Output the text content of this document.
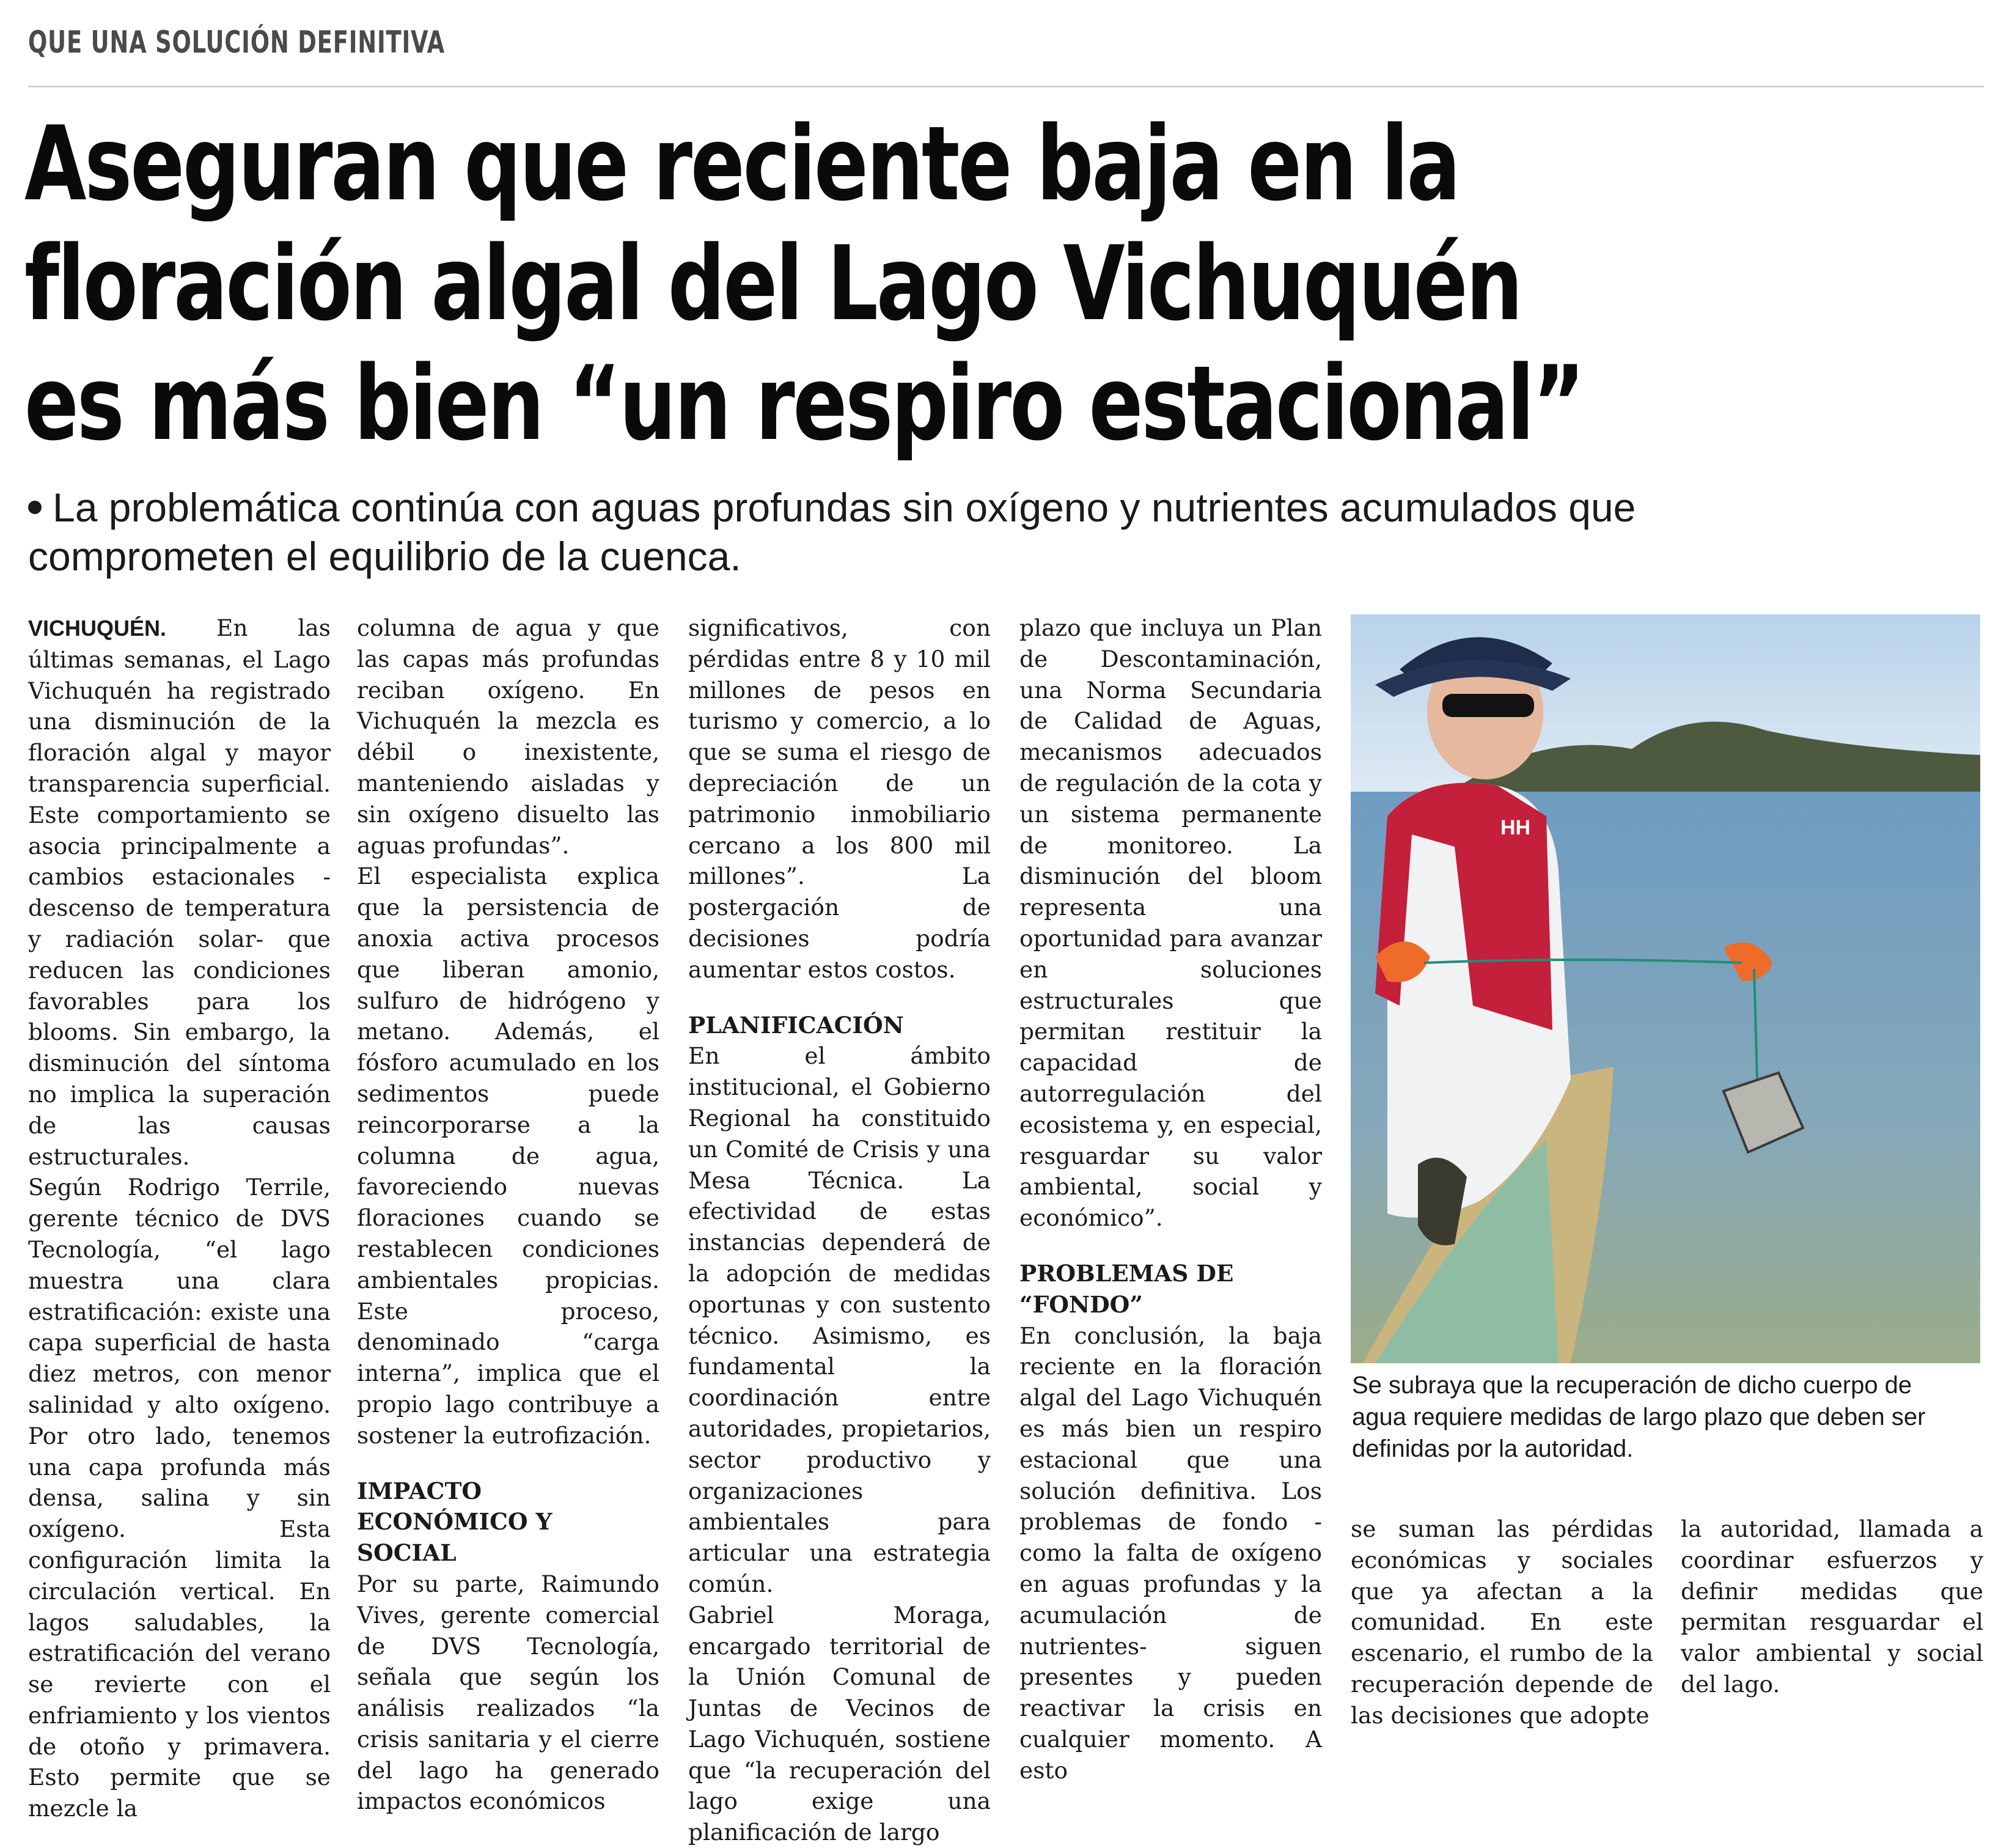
QUE UNA SOLUCIÓN DEFINITIVA
Aseguran que reciente baja en la
floración algal del Lago Vichuquén
es más bien “un respiro estacional”
La problemática continúa con aguas profundas sin oxígeno y nutrientes acumulados que comprometen el equilibrio de la cuenca.

VICHUQUÉN. En las últimas semanas, el Lago Vichuquén ha registrado una disminución de la floración algal y mayor transparencia superficial. Este comportamiento se asocia principalmente a cambios estacionales -descenso de temperatura y radiación solar- que reducen las condiciones favorables para los blooms. Sin embargo, la disminución del síntoma no implica la superación de las causas estructurales.

Según Rodrigo Terrile, gerente técnico de DVS Tecnología, “el lago muestra una clara estratificación: existe una capa superficial de hasta diez metros, con menor salinidad y alto oxígeno. Por otro lado, tenemos una capa profunda más densa, salina y sin oxígeno. Esta configuración limita la circulación vertical. En lagos saludables, la estratificación del verano se revierte con el enfriamiento y los vientos de otoño y primavera. Esto permite que se mezcle la

columna de agua y que las capas más profundas reciban oxígeno. En Vichuquén la mezcla es débil o inexistente, manteniendo aisladas y sin oxígeno disuelto las aguas profundas”.

El especialista explica que la persistencia de anoxia activa procesos que liberan amonio, sulfuro de hidrógeno y metano. Además, el fósforo acumulado en los sedimentos puede reincorporarse a la columna de agua, favoreciendo nuevas floraciones cuando se restablecen condiciones ambientales propicias. Este proceso, denominado “carga interna”, implica que el propio lago contribuye a sostener la eutrofización.

IMPACTO ECONÓMICO Y SOCIAL

Por su parte, Raimundo Vives, gerente comercial de DVS Tecnología, señala que según los análisis realizados “la crisis sanitaria y el cierre del lago ha generado impactos económicos

significativos, con pérdidas entre 8 y 10 mil millones de pesos en turismo y comercio, a lo que se suma el riesgo de depreciación de un patrimonio inmobiliario cercano a los 800 mil millones”. La postergación de decisiones podría aumentar estos costos.

PLANIFICACIÓN

En el ámbito institucional, el Gobierno Regional ha constituido un Comité de Crisis y una Mesa Técnica. La efectividad de estas instancias dependerá de la adopción de medidas oportunas y con sustento técnico. Asimismo, es fundamental la coordinación entre autoridades, propietarios, sector productivo y organizaciones ambientales para articular una estrategia común.

Gabriel Moraga, encargado territorial de la Unión Comunal de Juntas de Vecinos de Lago Vichuquén, sostiene que “la recuperación del lago exige una planificación de largo

plazo que incluya un Plan de Descontaminación, una Norma Secundaria de Calidad de Aguas, mecanismos adecuados de regulación de la cota y un sistema permanente de monitoreo. La disminución del bloom representa una oportunidad para avanzar en soluciones estructurales que permitan restituir la capacidad de autorregulación del ecosistema y, en especial, resguardar su valor ambiental, social y económico”.

PROBLEMAS DE “FONDO”

En conclusión, la baja reciente en la floración algal del Lago Vichuquén es más bien un respiro estacional que una solución definitiva. Los problemas de fondo -como la falta de oxígeno en aguas profundas y la acumulación de nutrientes- siguen presentes y pueden reactivar la crisis en cualquier momento. A esto

HH
Se subraya que la recuperación de dicho cuerpo de agua requiere medidas de largo plazo que deben ser definidas por la autoridad.

se suman las pérdidas económicas y sociales que ya afectan a la comunidad. En este escenario, el rumbo de la recuperación depende de las decisiones que adopte

la autoridad, llamada a coordinar esfuerzos y definir medidas que permitan resguardar el valor ambiental y social del lago.
